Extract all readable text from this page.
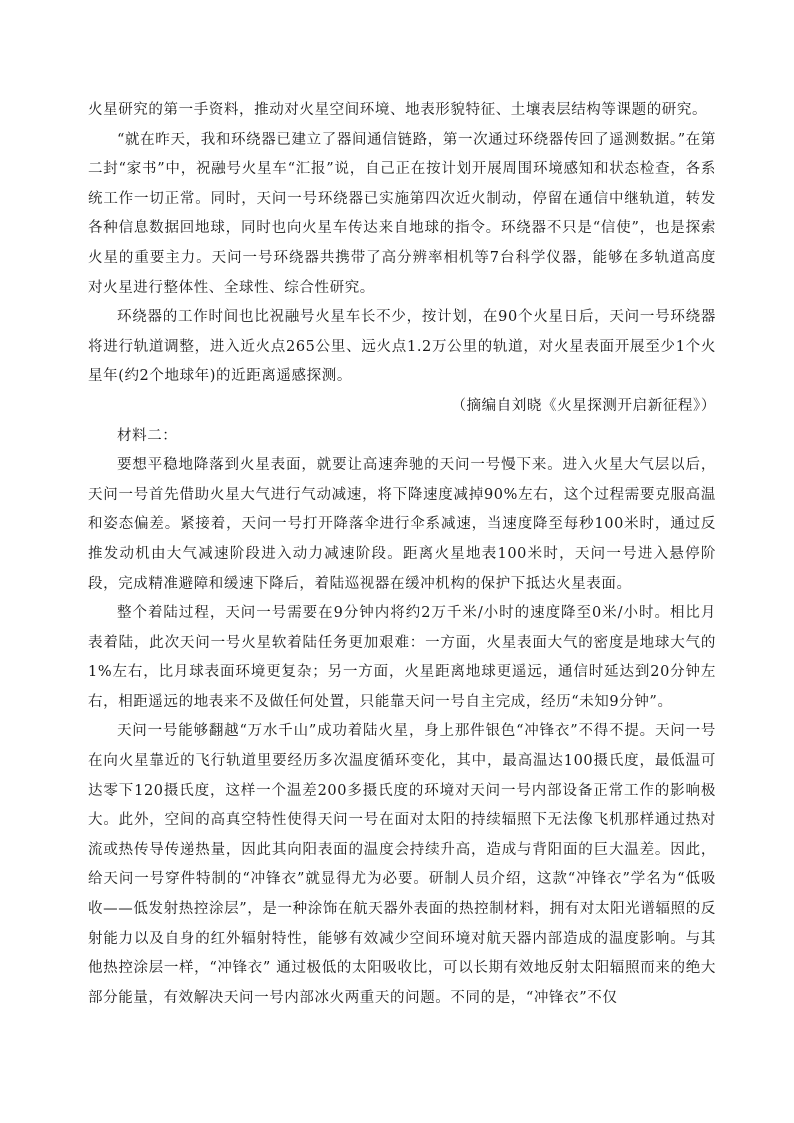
火星研究的第一手资料，推动对火星空间环境、地表形貌特征、土壤表层结构等课题的研究。

“就在昨天，我和环绕器已建立了器间通信链路，第一次通过环绕器传回了遥测数据。”在第二封“家书”中，祝融号火星车“汇报”说，自己正在按计划开展周围环境感知和状态检查，各系统工作一切正常。同时，天问一号环绕器已实施第四次近火制动，停留在通信中继轨道，转发各种信息数据回地球，同时也向火星车传达来自地球的指令。环绕器不只是“信使”，也是探索火星的重要主力。天问一号环绕器共携带了高分辨率相机等7台科学仪器，能够在多轨道高度对火星进行整体性、全球性、综合性研究。

环绕器的工作时间也比祝融号火星车长不少，按计划，在90个火星日后，天问一号环绕器将进行轨道调整，进入近火点265公里、远火点1.2万公里的轨道，对火星表面开展至少1个火星年(约2个地球年)的近距离遥感探测。

（摘编自刘晓《火星探测开启新征程》）

材料二：

要想平稳地降落到火星表面，就要让高速奔驰的天问一号慢下来。进入火星大气层以后，天问一号首先借助火星大气进行气动减速，将下降速度减掉90%左右，这个过程需要克服高温和姿态偏差。紧接着，天问一号打开降落伞进行伞系减速，当速度降至每秒100米时，通过反推发动机由大气减速阶段进入动力减速阶段。距离火星地表100米时，天问一号进入悬停阶段，完成精准避障和缓速下降后，着陆巡视器在缓冲机构的保护下抵达火星表面。

整个着陆过程，天问一号需要在9分钟内将约2万千米/小时的速度降至0米/小时。相比月表着陆，此次天问一号火星软着陆任务更加艰难：一方面，火星表面大气的密度是地球大气的1%左右，比月球表面环境更复杂；另一方面，火星距离地球更遥远，通信时延达到20分钟左右，相距遥远的地表来不及做任何处置，只能靠天问一号自主完成，经历“未知9分钟”。

天问一号能够翻越“万水千山”成功着陆火星，身上那件银色“冲锋衣”不得不提。天问一号在向火星靠近的飞行轨道里要经历多次温度循环变化，其中，最高温达100摄氏度，最低温可达零下120摄氏度，这样一个温差200多摄氏度的环境对天问一号内部设备正常工作的影响极大。此外，空间的高真空特性使得天问一号在面对太阳的持续辐照下无法像飞机那样通过热对流或热传导传递热量，因此其向阳表面的温度会持续升高，造成与背阳面的巨大温差。因此，给天问一号穿件特制的“冲锋衣”就显得尤为必要。研制人员介绍，这款“冲锋衣”学名为“低吸收——低发射热控涂层”，是一种涂饰在航天器外表面的热控制材料，拥有对太阳光谱辐照的反射能力以及自身的红外辐射特性，能够有效减少空间环境对航天器内部造成的温度影响。与其他热控涂层一样，“冲锋衣” 通过极低的太阳吸收比，可以长期有效地反射太阳辐照而来的绝大部分能量，有效解决天问一号内部冰火两重天的问题。不同的是，“冲锋衣”不仅
